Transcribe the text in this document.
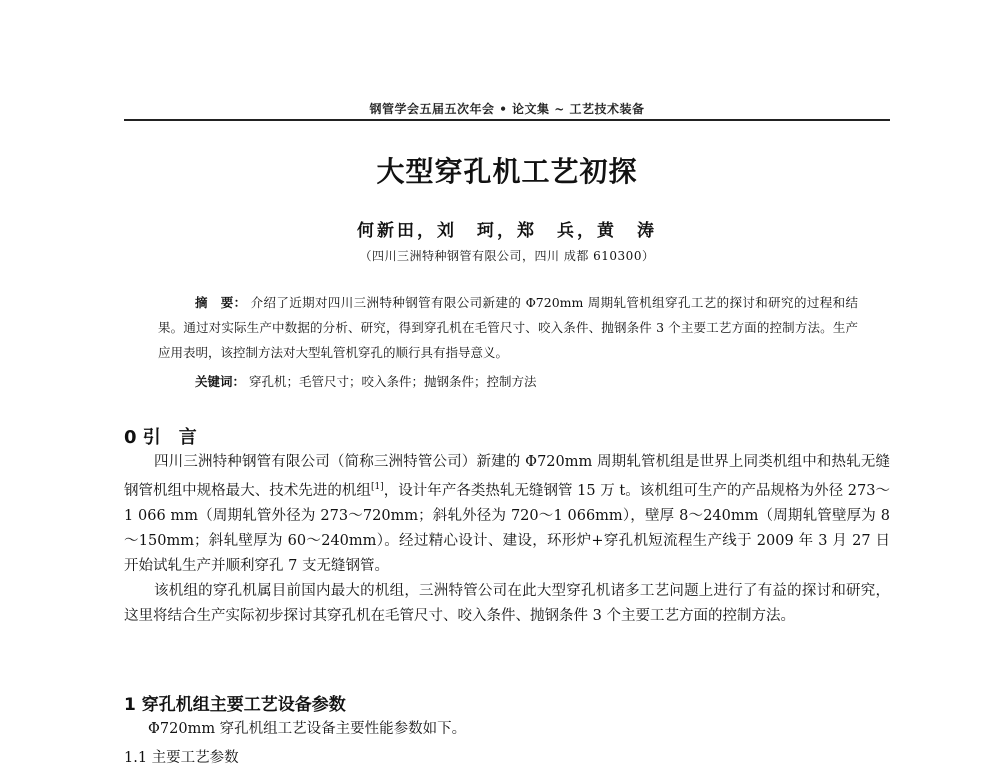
钢管学会五届五次年会 • 论文集 ~ 工艺技术装备
大型穿孔机工艺初探
何新田，刘　珂，郑　兵，黄　涛
（四川三洲特种钢管有限公司，四川 成都 610300）
摘　要： 介绍了近期对四川三洲特种钢管有限公司新建的 Φ720mm 周期轧管机组穿孔工艺的探讨和研究的过程和结果。通过对实际生产中数据的分析、研究，得到穿孔机在毛管尺寸、咬入条件、抛钢条件 3 个主要工艺方面的控制方法。生产应用表明，该控制方法对大型轧管机穿孔的顺行具有指导意义。
关键词： 穿孔机；毛管尺寸；咬入条件；抛钢条件；控制方法
0 引　言

四川三洲特种钢管有限公司（简称三洲特管公司）新建的 Φ720mm 周期轧管机组是世界上同类机组中和热轧无缝钢管机组中规格最大、技术先进的机组[1]，设计年产各类热轧无缝钢管 15 万 t。该机组可生产的产品规格为外径 273～1 066 mm（周期轧管外径为 273～720mm；斜轧外径为 720～1 066mm），壁厚 8～240mm（周期轧管壁厚为 8～150mm；斜轧壁厚为 60～240mm）。经过精心设计、建设，环形炉+穿孔机短流程生产线于 2009 年 3 月 27 日开始试轧生产并顺利穿孔 7 支无缝钢管。

该机组的穿孔机属目前国内最大的机组，三洲特管公司在此大型穿孔机诸多工艺问题上进行了有益的探讨和研究，这里将结合生产实际初步探讨其穿孔机在毛管尺寸、咬入条件、抛钢条件 3 个主要工艺方面的控制方法。

1 穿孔机组主要工艺设备参数
Φ720mm 穿孔机组工艺设备主要性能参数如下。
1.1 主要工艺参数
